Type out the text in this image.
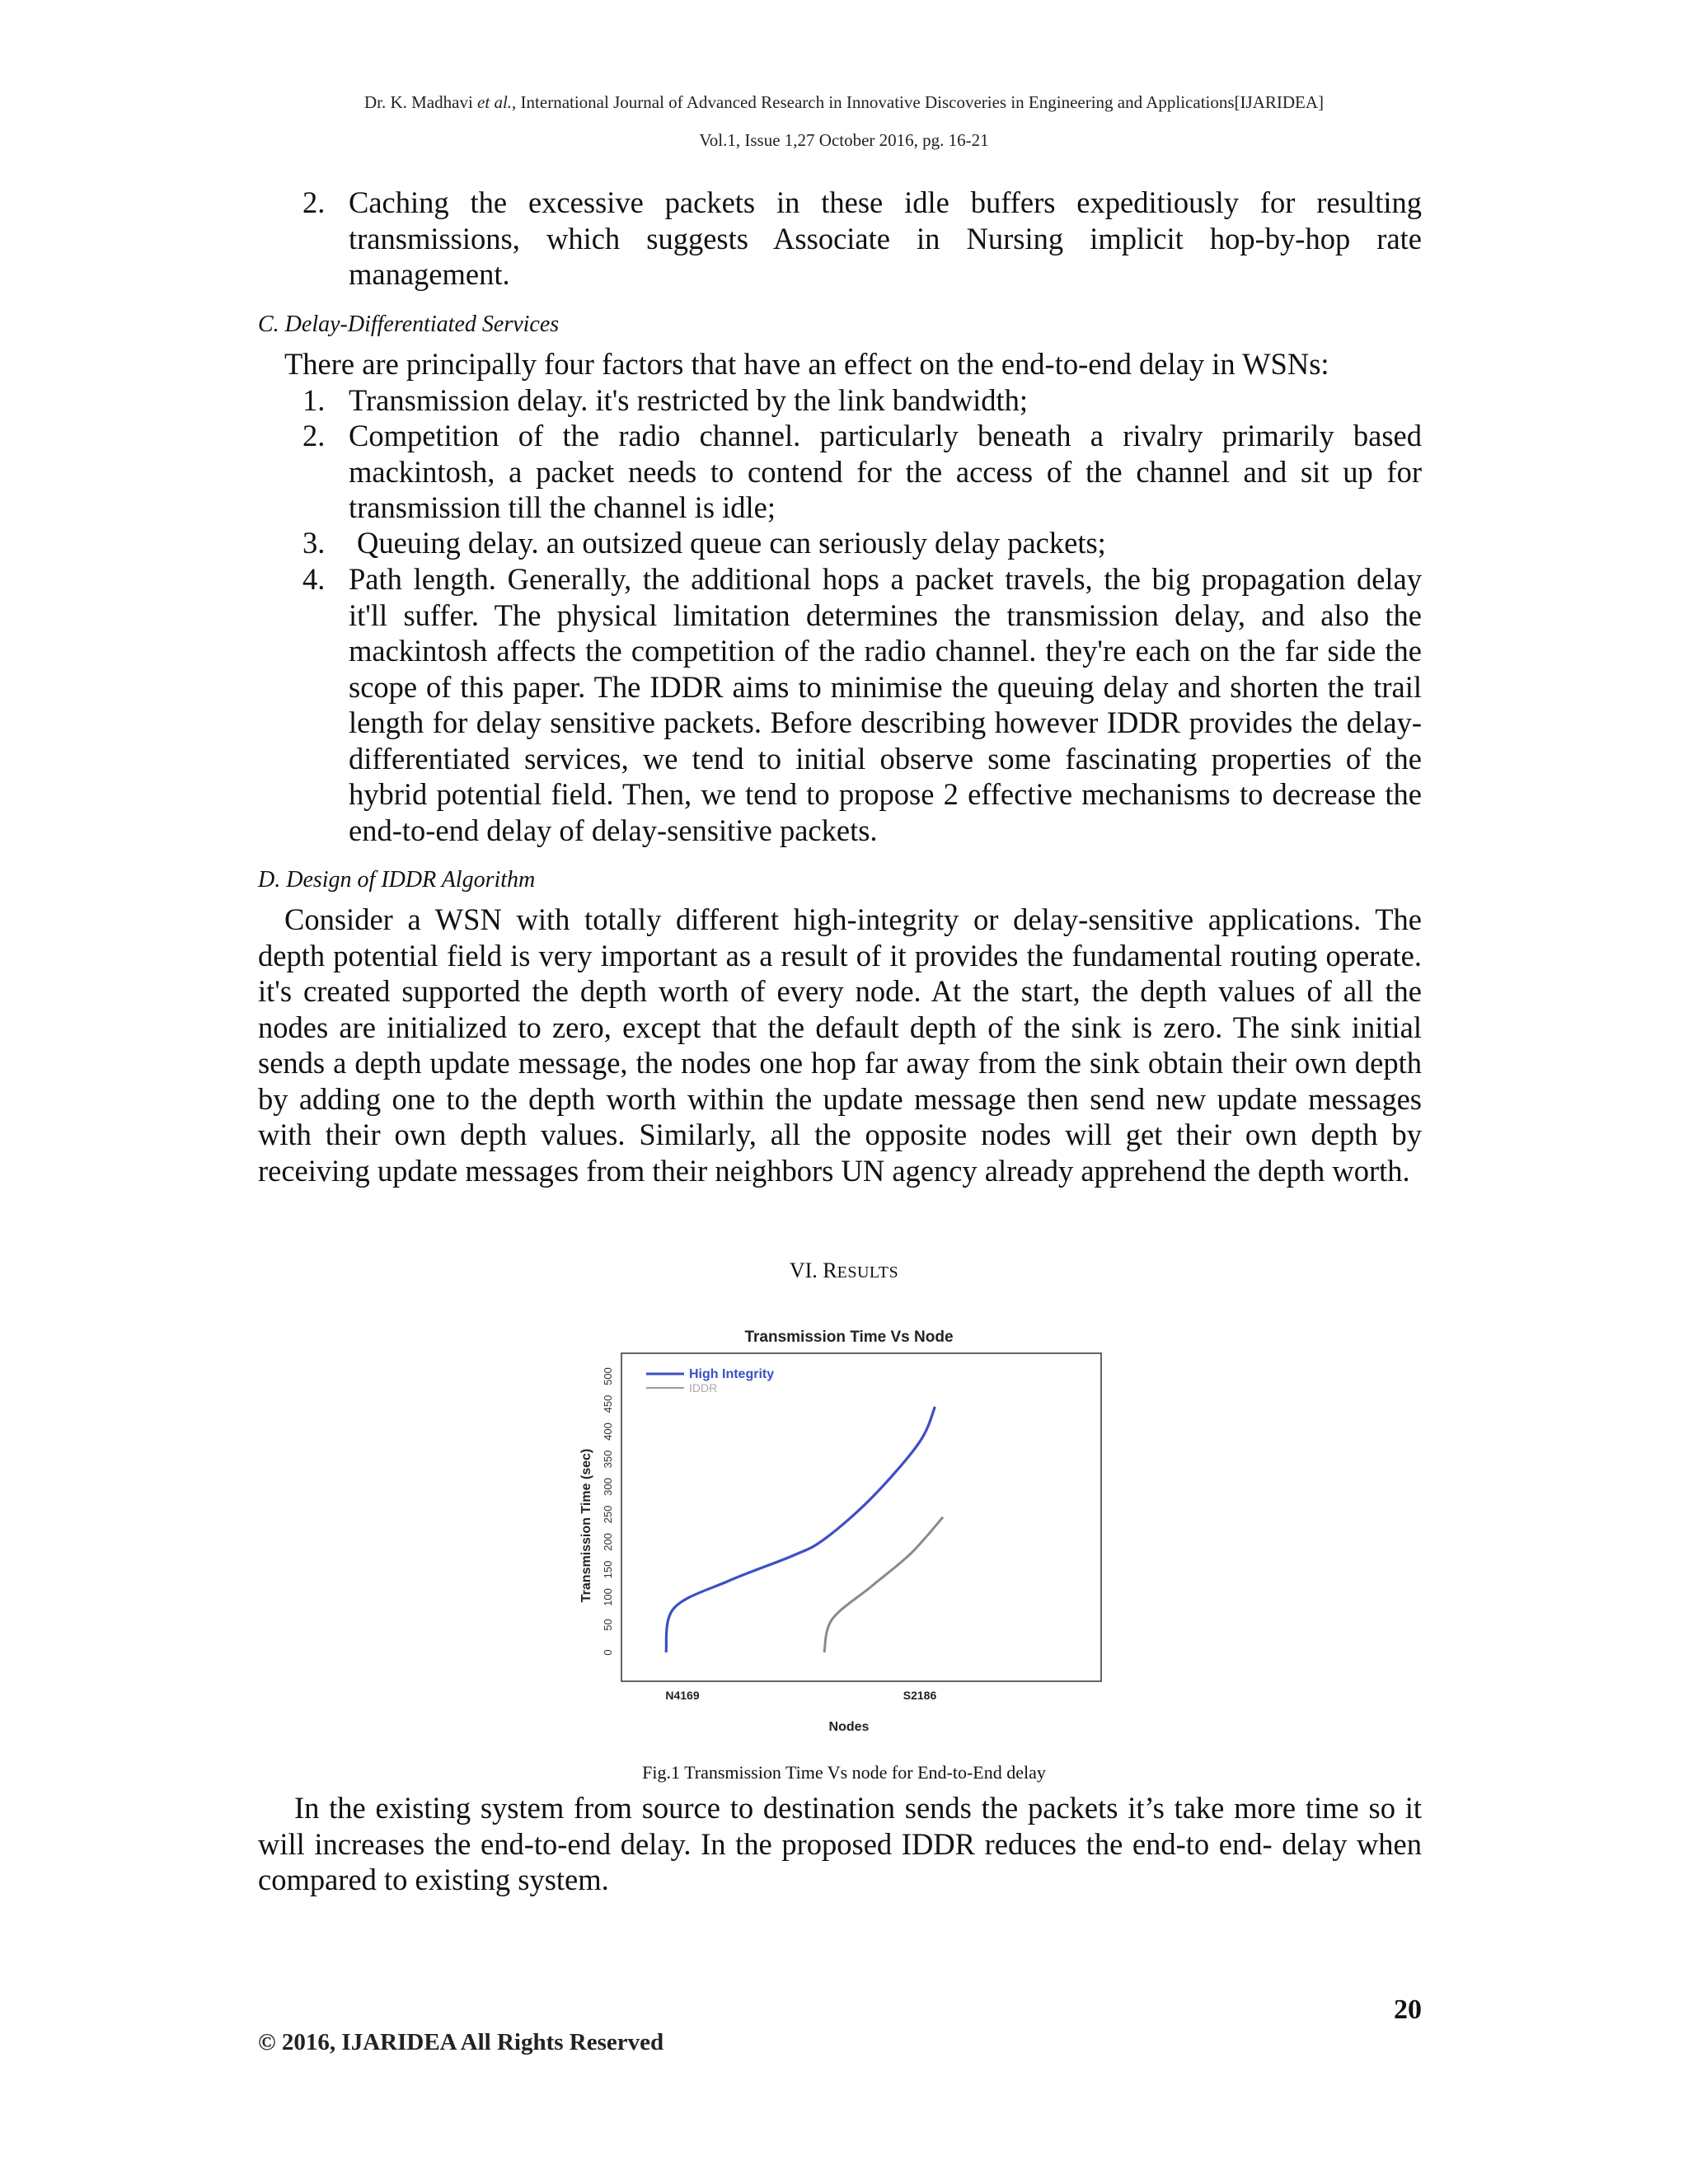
Dr. K. Madhavi et al., International Journal of Advanced Research in Innovative Discoveries in Engineering and Applications[IJARIDEA]
Vol.1, Issue 1,27 October 2016, pg. 16-21
2. Caching the excessive packets in these idle buffers expeditiously for resulting transmissions, which suggests Associate in Nursing implicit hop-by-hop rate management.
C. Delay-Differentiated Services
There are principally four factors that have an effect on the end-to-end delay in WSNs:
1. Transmission delay. it's restricted by the link bandwidth;
2. Competition of the radio channel. particularly beneath a rivalry primarily based mackintosh, a packet needs to contend for the access of the channel and sit up for transmission till the channel is idle;
3. Queuing delay. an outsized queue can seriously delay packets;
4. Path length. Generally, the additional hops a packet travels, the big propagation delay it'll suffer. The physical limitation determines the transmission delay, and also the mackintosh affects the competition of the radio channel. they're each on the far side the scope of this paper. The IDDR aims to minimise the queuing delay and shorten the trail length for delay sensitive packets. Before describing however IDDR provides the delay-differentiated services, we tend to initial observe some fascinating properties of the hybrid potential field. Then, we tend to propose 2 effective mechanisms to decrease the end-to-end delay of delay-sensitive packets.
D. Design of IDDR Algorithm
Consider a WSN with totally different high-integrity or delay-sensitive applications. The depth potential field is very important as a result of it provides the fundamental routing operate. it's created supported the depth worth of every node. At the start, the depth values of all the nodes are initialized to zero, except that the default depth of the sink is zero. The sink initial sends a depth update message, the nodes one hop far away from the sink obtain their own depth by adding one to the depth worth within the update message then send new update messages with their own depth values. Similarly, all the opposite nodes will get their own depth by receiving update messages from their neighbors UN agency already apprehend the depth worth.
VI. RESULTS
Transmission Time Vs Node
Transmission Time (sec)
Nodes
0
50
100
150
200
250
300
350
400
450
500
N4169	S2186
High Integrity
IDDR
Fig.1 Transmission Time Vs node for End-to-End delay
In the existing system from source to destination sends the packets it’s take more time so it will increases the end-to-end delay. In the proposed IDDR reduces the end-to end- delay when compared to existing system.
20
© 2016, IJARIDEA All Rights Reserved
